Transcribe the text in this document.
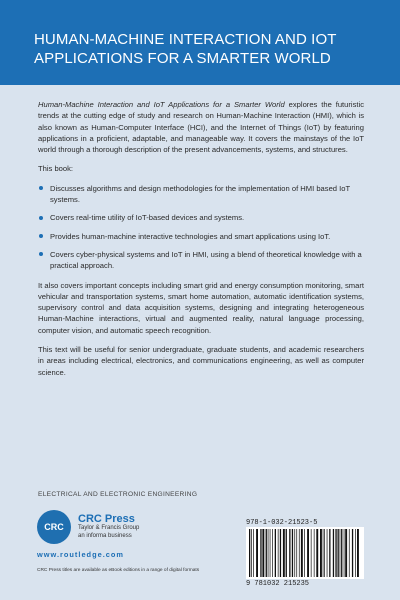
HUMAN-MACHINE INTERACTION AND IOT APPLICATIONS FOR A SMARTER WORLD

Human-Machine Interaction and IoT Applications for a Smarter World explores the futuristic trends at the cutting edge of study and research on Human-Machine Interaction (HMI), which is also known as Human-Computer Interface (HCI), and the Internet of Things (IoT) by featuring applications in a proficient, adaptable, and manageable way. It covers the mainstays of the IoT world through a thorough description of the present advancements, systems, and structures.

This book:

Discusses algorithms and design methodologies for the implementation of HMI based IoT systems.
Covers real-time utility of IoT-based devices and systems.
Provides human-machine interactive technologies and smart applications using IoT.
Covers cyber-physical systems and IoT in HMI, using a blend of theoretical knowledge with a practical approach.

It also covers important concepts including smart grid and energy consumption monitoring, smart vehicular and transportation systems, smart home automation, automatic identification systems, supervisory control and data acquisition systems, designing and integrating heterogeneous Human-Machine interactions, virtual and augmented reality, natural language processing, computer vision, and automatic speech recognition.

This text will be useful for senior undergraduate, graduate students, and academic researchers in areas including electrical, electronics, and communications engineering, as well as computer science.

ELECTRICAL AND ELECTRONIC ENGINEERING
CRC
CRC Press
Taylor & Francis Group
an informa business
www.routledge.com
CRC Press titles are available as eBook editions in a range of digital formats
978-1-032-21523-5
9 781032 215235
